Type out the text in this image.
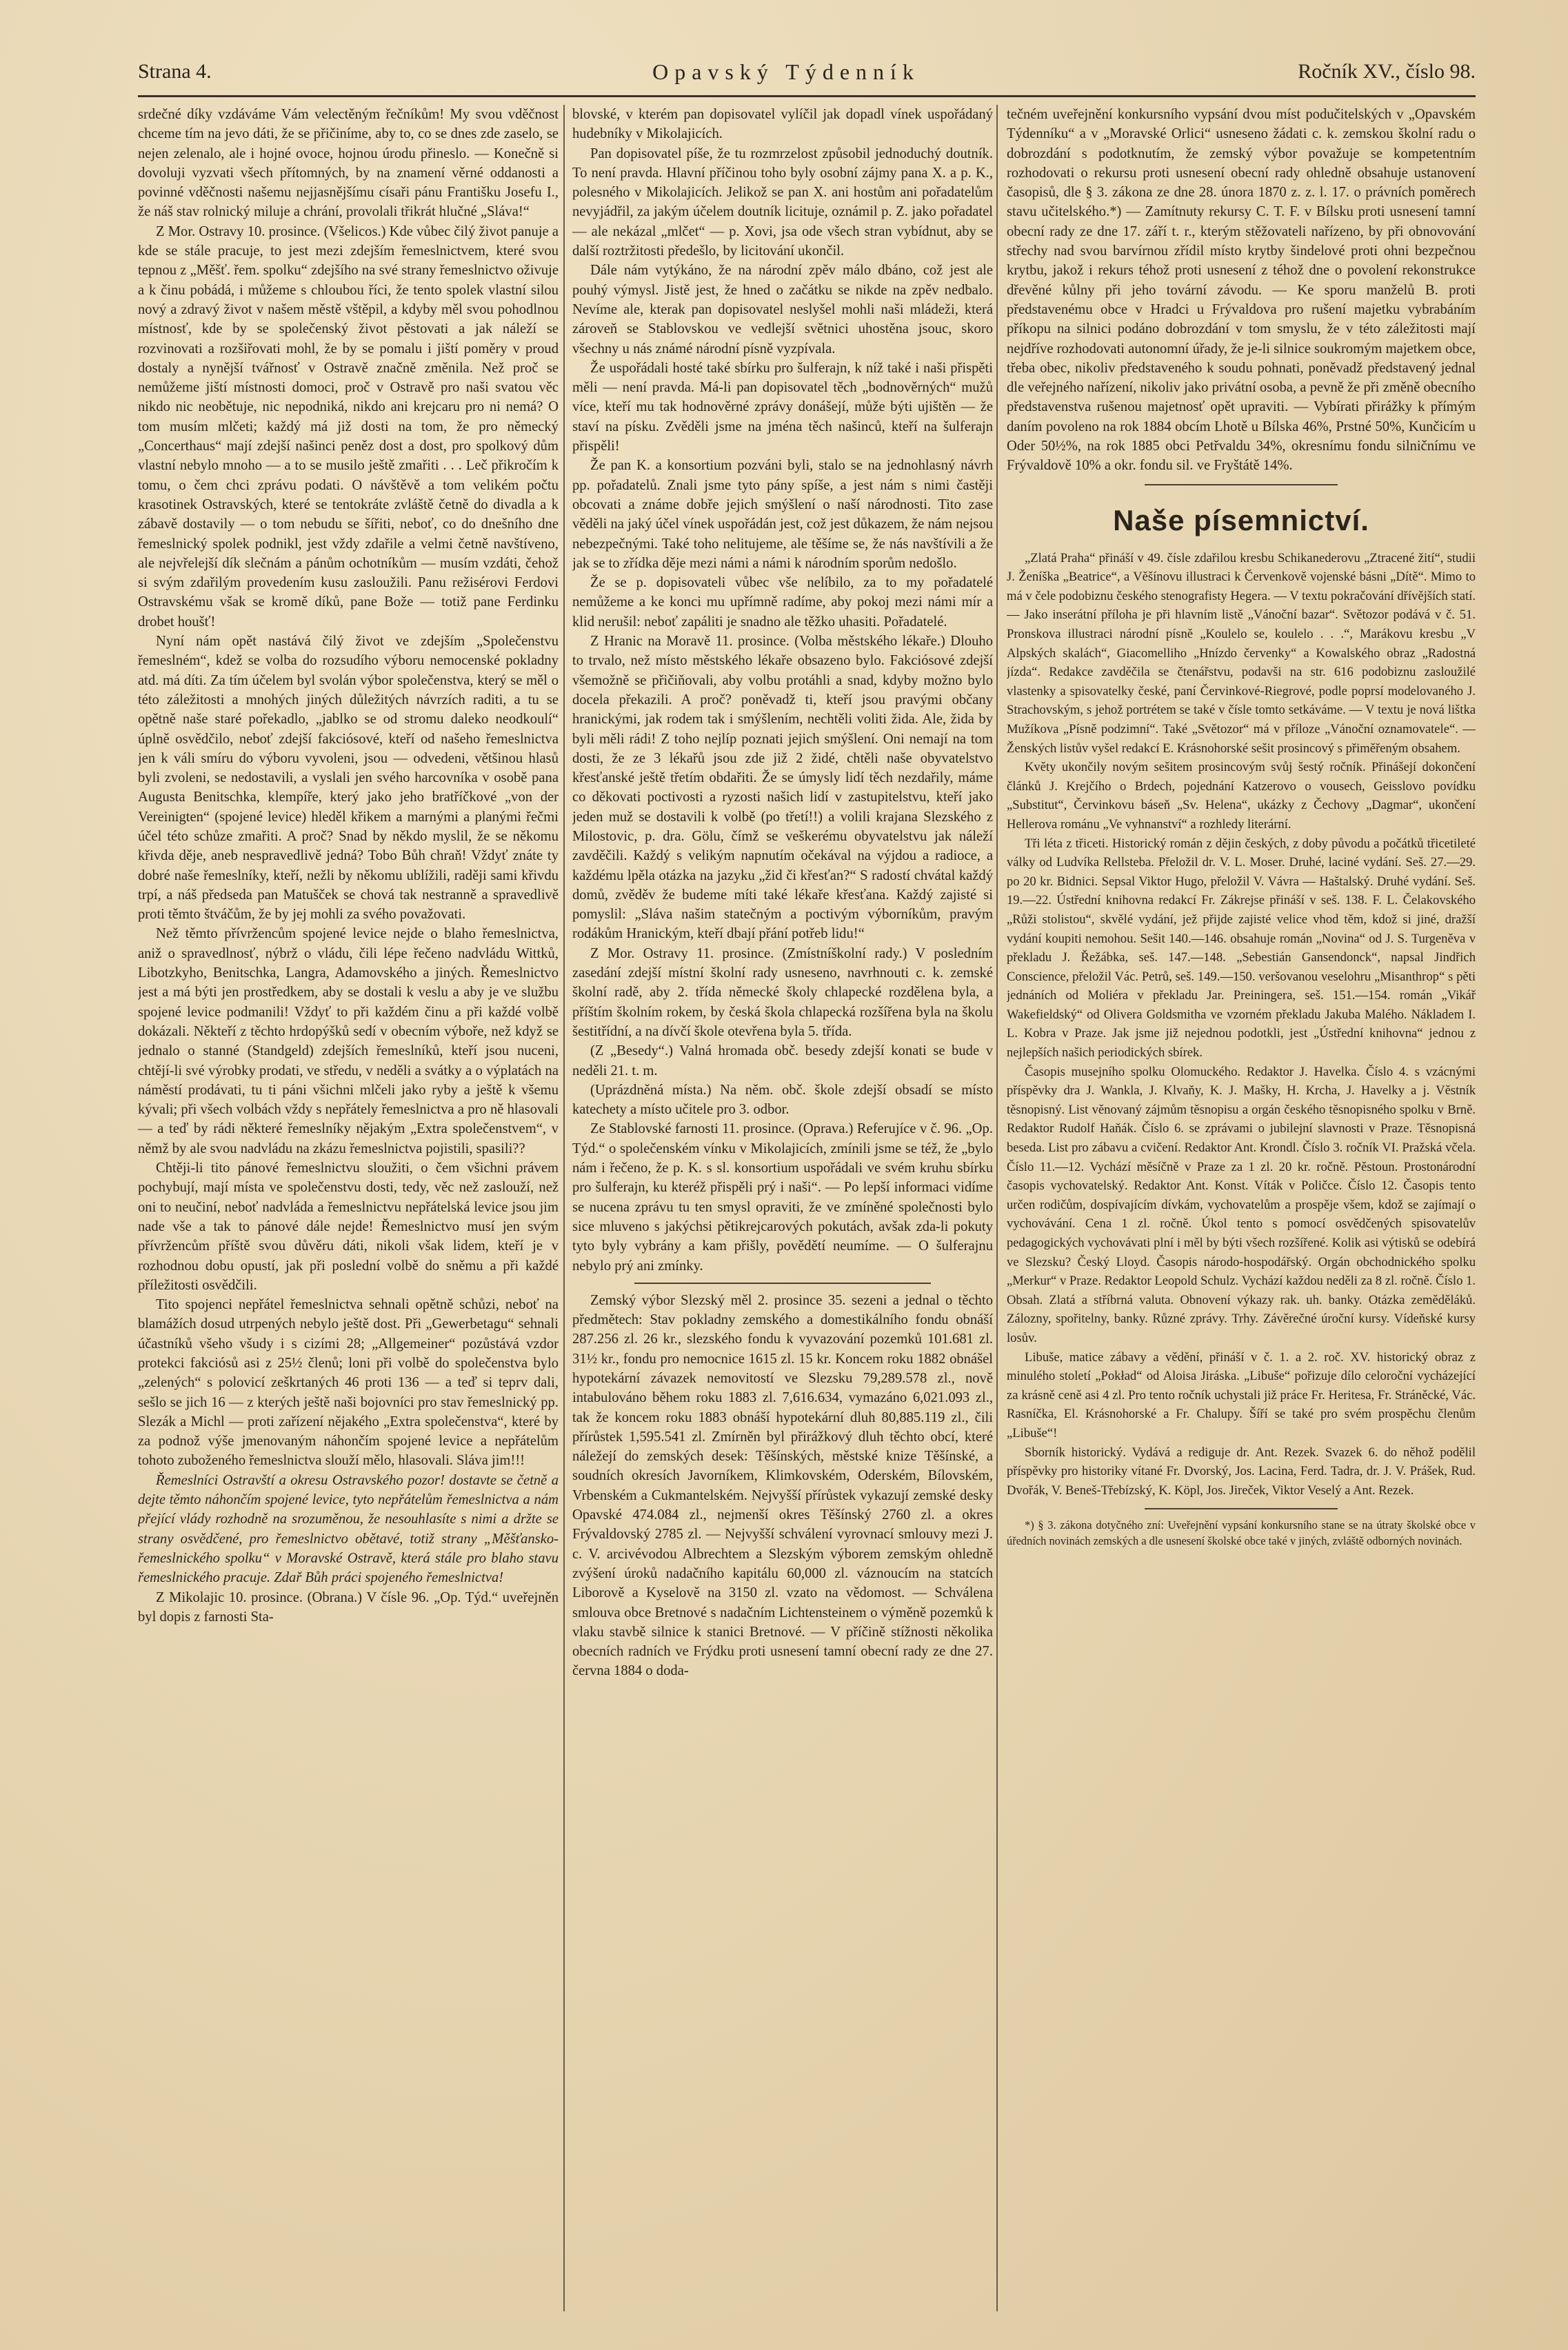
Strana 4.	Opavský Týdenník	Ročník XV., číslo 98.

srdečné díky vzdáváme Vám velectěným řečníkům! My svou vděčnost chceme tím na jevo dáti, že se přičiníme, aby to, co se dnes zde zaselo, se nejen zelenalo, ale i hojné ovoce, hojnou úrodu přineslo. — Konečně si dovoluji vyzvati všech přítomných, by na znamení věrné oddanosti a povinné vděčnosti našemu nejjasnějšímu císaři pánu Františku Josefu I., že náš stav rolnický miluje a chrání, provolali třikrát hlučné „Sláva!“

Z Mor. Ostravy 10. prosince. (Všelicos.) Kde vůbec čilý život panuje a kde se stále pracuje, to jest mezi zdejším řemeslnictvem, které svou tepnou z „Měšť. řem. spolku“ zdejšího na své strany řemeslnictvo oživuje a k činu pobádá, i můžeme s chloubou říci, že tento spolek vlastní silou nový a zdravý život v našem městě vštěpil, a kdyby měl svou pohodlnou místnosť, kde by se společenský život pěstovati a jak náleží se rozvinovati a rozšiřovati mohl, že by se pomalu i jiští poměry v proud dostaly a nynější tvářnosť v Ostravě značně změnila. Než proč se nemůžeme jiští místnosti domoci, proč v Ostravě pro naši svatou věc nikdo nic neobětuje, nic nepodniká, nikdo ani krejcaru pro ni nemá? O tom musím mlčeti; každý má již dosti na tom, že pro německý „Concerthaus“ mají zdejší našinci peněz dost a dost, pro spolkový dům vlastní nebylo mnoho — a to se musilo ještě zmařiti . . . Leč přikročím k tomu, o čem chci zprávu podati. O návštěvě a tom velikém počtu krasotinek Ostravských, které se tentokráte zvláště četně do divadla a k zábavě dostavily — o tom nebudu se šířiti, neboť, co do dnešního dne řemeslnický spolek podnikl, jest vždy zdařile a velmi četně navštíveno, ale nejvřelejší dík slečnám a pánům ochotníkům — musím vzdáti, čehož si svým zdařilým provedením kusu zasloužili. Panu režisérovi Ferdovi Ostravskému však se kromě díků, pane Bože — totiž pane Ferdinku drobet houšť!

Nyní nám opět nastává čilý život ve zdejším „Společenstvu řemeslném“, kdež se volba do rozsudího výboru nemocenské pokladny atd. má díti. Za tím účelem byl svolán výbor společenstva, který se měl o této záležitosti a mnohých jiných důležitých návrzích raditi, a tu se opětně naše staré pořekadlo, „jablko se od stromu daleko neodkoulí“ úplně osvědčilo, neboť zdejší fakciósové, kteří od našeho řemeslnictva jen k váli smíru do výboru vyvoleni, jsou — odvedeni, většinou hlasů byli zvoleni, se nedostavili, a vyslali jen svého harcovníka v osobě pana Augusta Benitschka, klempíře, který jako jeho bratříčkové „von der Vereinigten“ (spojené levice) hleděl křikem a marnými a planými řečmi účel této schůze zmařiti. A proč? Snad by někdo myslil, že se někomu křivda děje, aneb nespravedlivě jedná? Tobo Bůh chraň! Vždyť znáte ty dobré naše řemeslníky, kteří, nežli by někomu ublížili, raději sami křivdu trpí, a náš předseda pan Matušček se chová tak nestranně a spravedlivě proti těmto štváčům, že by jej mohli za svého považovati.

Než těmto přívržencům spojené levice nejde o blaho řemeslnictva, aniž o spravedlnosť, nýbrž o vládu, čili lépe řečeno nadvládu Wittků, Libotzkyho, Benitschka, Langra, Adamovského a jiných. Řemeslnictvo jest a má býti jen prostředkem, aby se dostali k veslu a aby je ve službu spojené levice podmanili! Vždyť to při každém činu a při každé volbě dokázali. Někteří z těchto hrdopýšků sedí v obecním výboře, než když se jednalo o stanné (Standgeld) zdejších řemeslníků, kteří jsou nuceni, chtějí-li své výrobky prodati, ve středu, v neděli a svátky a o výplatách na náměstí prodávati, tu ti páni všichni mlčeli jako ryby a ještě k všemu kývali; při všech volbách vždy s nepřátely řemeslnictva a pro ně hlasovali — a teď by rádi některé řemeslníky nějakým „Extra společenstvem“, v němž by ale svou nadvládu na zkázu řemeslnictva pojistili, spasili??

Chtěji-li tito pánové řemeslnictvu sloužiti, o čem všichni právem pochybují, mají místa ve společenstvu dosti, tedy, věc než zaslouží, než oni to neučiní, neboť nadvláda a řemeslnictvu nepřátelská levice jsou jim nade vše a tak to pánové dále nejde! Řemeslnictvo musí jen svým přívržencům příště svou důvěru dáti, nikoli však lidem, kteří je v rozhodnou dobu opustí, jak při poslední volbě do sněmu a při každé příležitosti osvědčili.

Tito spojenci nepřátel řemeslnictva sehnali opětně schůzi, neboť na blamážích dosud utrpených nebylo ještě dost. Při „Gewerbetagu“ sehnali účastníků všeho všudy i s cizími 28; „Allgemeiner“ pozůstává vzdor protekci fakciósů asi z 25½ členů; loni při volbě do společenstva bylo „zelených“ s polovicí zeškrtaných 46 proti 136 — a teď si teprv dali, sešlo se jich 16 — z kterých ještě naši bojovníci pro stav řemeslnický pp. Slezák a Michl — proti zařízení nějakého „Extra společenstva“, které by za podnož výše jmenovaným náhončím spojené levice a nepřátelům tohoto zuboženého řemeslnictva slouží mělo, hlasovali. Sláva jim!!!

Řemeslníci Ostravští a okresu Ostravského pozor! dostavte se četně a dejte těmto náhončím spojené levice, tyto nepřátelům řemeslnictva a nám přející vlády rozhodně na srozuměnou, že nesouhlasíte s nimi a držte se strany osvědčené, pro řemeslnictvo obětavé, totiž strany „Měšťansko-řemeslnického spolku“ v Moravské Ostravě, která stále pro blaho stavu řemeslnického pracuje. Zdař Bůh práci spojeného řemeslnictva!

Z Mikolajic 10. prosince. (Obrana.) V čísle 96. „Op. Týd.“ uveřejněn byl dopis z farnosti Sta-

blovské, v kterém pan dopisovatel vylíčil jak dopadl vínek uspořádaný hudebníky v Mikolajicích.

Pan dopisovatel píše, že tu rozmrzelost způsobil jednoduchý doutník. To není pravda. Hlavní příčinou toho byly osobní zájmy pana X. a p. K., polesného v Mikolajicích. Jelikož se pan X. ani hostům ani pořadatelům nevyjádřil, za jakým účelem doutník licituje, oznámil p. Z. jako pořadatel — ale nekázal „mlčet“ — p. Xovi, jsa ode všech stran vybídnut, aby se další roztržitosti předešlo, by licitování ukončil.

Dále nám vytýkáno, že na národní zpěv málo dbáno, což jest ale pouhý výmysl. Jistě jest, že hned o začátku se nikde na zpěv nedbalo. Nevíme ale, kterak pan dopisovatel neslyšel mohli naši mládeži, která zároveň se Stablovskou ve vedlejší světnici uhostěna jsouc, skoro všechny u nás známé národní písně vyzpívala.

Že uspořádali hosté také sbírku pro šulferajn, k níž také i naši přispěti měli — není pravda. Má-li pan dopisovatel těch „bodnověrných“ mužů více, kteří mu tak hodnověrné zprávy donášejí, může býti ujištěn — že staví na písku. Zvěděli jsme na jména těch našinců, kteří na šulferajn přispěli!

Že pan K. a konsortium pozváni byli, stalo se na jednohlasný návrh pp. pořadatelů. Znali jsme tyto pány spíše, a jest nám s nimi častěji obcovati a známe dobře jejich smýšlení o naší národnosti. Tito zase věděli na jaký účel vínek uspořádán jest, což jest důkazem, že nám nejsou nebezpečnými. Také toho nelitujeme, ale těšíme se, že nás navštívili a že jak se to zřídka děje mezi námi a námi k národním sporům nedošlo.

Že se p. dopisovateli vůbec vše nelíbilo, za to my pořadatelé nemůžeme a ke konci mu upřímně radíme, aby pokoj mezi námi mír a klid nerušil: neboť zapáliti je snadno ale těžko uhasiti. Pořadatelé.

Z Hranic na Moravě 11. prosince. (Volba městského lékaře.) Dlouho to trvalo, než místo městského lékaře obsazeno bylo. Fakciósové zdejší všemožně se přičiňovali, aby volbu protáhli a snad, kdyby možno bylo docela překazili. A proč? poněvadž ti, kteří jsou pravými občany hranickými, jak rodem tak i smýšlením, nechtěli voliti žida. Ale, žida by byli měli rádi! Z toho nejlíp poznati jejich smýšlení. Oni nemají na tom dosti, že ze 3 lékařů jsou zde již 2 židé, chtěli naše obyvatelstvo křesťanské ještě třetím obdařiti. Že se úmysly lidí těch nezdařily, máme co děkovati poctivosti a ryzosti našich lidí v zastupitelstvu, kteří jako jeden muž se dostavili k volbě (po třetí!!) a volili krajana Slezského z Milostovic, p. dra. Gölu, čímž se veškerému obyvatelstvu jak náleží zavděčili. Každý s velikým napnutím očekával na výjdou a radioce, a každému lpěla otázka na jazyku „žid či křesťan?“ S radostí chvátal každý domů, zvěděv že budeme míti také lékaře křesťana. Každý zajisté si pomyslil: „Sláva našim statečným a poctivým výborníkům, pravým rodákům Hranickým, kteří dbají přání potřeb lidu!“

Z Mor. Ostravy 11. prosince. (Zmístníškolní rady.) V posledním zasedání zdejší místní školní rady usneseno, navrhnouti c. k. zemské školní radě, aby 2. třída německé školy chlapecké rozdělena byla, a příštím školním rokem, by česká škola chlapecká rozšířena byla na školu šestitřídní, a na dívčí škole otevřena byla 5. třída.

(Z „Besedy“.) Valná hromada obč. besedy zdejší konati se bude v neděli 21. t. m.

(Uprázdněná místa.) Na něm. obč. škole zdejší obsadí se místo katechety a místo učitele pro 3. odbor.

Ze Stablovské farnosti 11. prosince. (Oprava.) Referujíce v č. 96. „Op. Týd.“ o společenském vínku v Mikolajicích, zmínili jsme se též, že „bylo nám i řečeno, že p. K. s sl. konsortium uspořádali ve svém kruhu sbírku pro šulferajn, ku kteréž přispěli prý i naši“. — Po lepší informaci vidíme se nucena zprávu tu ten smysl opraviti, že ve zmíněné společnosti bylo sice mluveno s jakýchsi pětikrejcarových pokutách, avšak zda-li pokuty tyto byly vybrány a kam přišly, povědětí neumíme. — O šulferajnu nebylo prý ani zmínky.

Zemský výbor Slezský měl 2. prosince 35. sezeni a jednal o těchto předmětech: Stav pokladny zemského a domestikálního fondu obnáší 287.256 zl. 26 kr., slezského fondu k vyvazování pozemků 101.681 zl. 31½ kr., fondu pro nemocnice 1615 zl. 15 kr. Koncem roku 1882 obnášel hypotekární závazek nemovitostí ve Slezsku 79,289.578 zl., nově intabulováno během roku 1883 zl. 7,616.634, vymazáno 6,021.093 zl., tak že koncem roku 1883 obnáší hypotekární dluh 80,885.119 zl., čili přírůstek 1,595.541 zl. Zmírněn byl přirážkový dluh těchto obcí, které náležejí do zemských desek: Těšínských, městské knize Těšínské, a soudních okresích Javorníkem, Klimkovském, Oderském, Bílovském, Vrbenském a Cukmantelském. Nejvyšší přírůstek vykazují zemské desky Opavské 474.084 zl., nejmenší okres Těšínský 2760 zl. a okres Frývaldovský 2785 zl. — Nejvyšší schválení vyrovnací smlouvy mezi J. c. V. arcivévodou Albrechtem a Slezským výborem zemským ohledně zvýšení úroků nadačního kapitálu 60,000 zl. váznoucím na statcích Liborově a Kyselově na 3150 zl. vzato na vědomost. — Schválena smlouva obce Bretnové s nadačním Lichtensteinem o výměně pozemků k vlaku stavbě silnice k stanici Bretnové. — V příčině stížnosti několika obecních radních ve Frýdku proti usnesení tamní obecní rady ze dne 27. června 1884 o doda-

tečném uveřejnění konkursního vypsání dvou míst podučitelských v „Opavském Týdenníku“ a v „Moravské Orlici“ usneseno žádati c. k. zemskou školní radu o dobrozdání s podotknutím, že zemský výbor považuje se kompetentním rozhodovati o rekursu proti usnesení obecní rady ohledně obsahuje ustanovení časopisů, dle § 3. zákona ze dne 28. února 1870 z. z. l. 17. o právních poměrech stavu učitelského.*) — Zamítnuty rekursy C. T. F. v Bílsku proti usnesení tamní obecní rady ze dne 17. září t. r., kterým stěžovateli nařízeno, by při obnovování střechy nad svou barvírnou zřídil místo krytby šindelové proti ohni bezpečnou krytbu, jakož i rekurs téhož proti usnesení z téhož dne o povolení rekonstrukce dřevěné kůlny při jeho tovární závodu. — Ke sporu manželů B. proti představenému obce v Hradci u Frývaldova pro rušení majetku vybrabáním příkopu na silnici podáno dobrozdání v tom smyslu, že v této záležitosti mají nejdříve rozhodovati autonomní úřady, že je-li silnice soukromým majetkem obce, třeba obec, nikoliv představeného k soudu pohnati, poněvadž představený jednal dle veřejného nařízení, nikoliv jako privátní osoba, a pevně že při změně obecního představenstva rušenou majetnosť opět upraviti. — Vybírati přirážky k přímým daním povoleno na rok 1884 obcím Lhotě u Bílska 46%, Prstné 50%, Kunčicím u Oder 50½%, na rok 1885 obci Petřvaldu 34%, okresnímu fondu silničnímu ve Frývaldově 10% a okr. fondu sil. ve Fryštátě 14%.

Naše písemnictví.

„Zlatá Praha“ přináší v 49. čísle zdařilou kresbu Schikanederovu „Ztracené žití“, studii J. Ženíška „Beatrice“, a Věšínovu illustraci k Červenkově vojenské básni „Dítě“. Mimo to má v čele podobiznu českého stenografisty Hegera. — V textu pokračování dřívějších statí. — Jako inserátní příloha je při hlavním listě „Vánoční bazar“. Světozor podává v č. 51. Pronskova illustraci národní písně „Koulelo se, koulelo . . .“, Marákovu kresbu „V Alpských skalách“, Giacomelliho „Hnízdo červenky“ a Kowalského obraz „Radostná jízda“. Redakce zavděčila se čtenářstvu, podavši na str. 616 podobiznu zasloužilé vlastenky a spisovatelky české, paní Červinkové-Riegrové, podle poprsí modelovaného J. Strachovským, s jehož portrétem se také v čísle tomto setkáváme. — V textu je nová lištka Mužíkova „Písně podzimní“. Také „Světozor“ má v příloze „Vánoční oznamovatele“. — Ženských listův vyšel redakcí E. Krásnohorské sešit prosincový s přiměřeným obsahem.

Květy ukončily novým sešitem prosincovým svůj šestý ročník. Přinášejí dokončení článků J. Krejčího o Brdech, pojednání Katzerovo o vousech, Geisslovo povídku „Substitut“, Červinkovu báseň „Sv. Helena“, ukázky z Čechovy „Dagmar“, ukončení Hellerova románu „Ve vyhnanství“ a rozhledy literární.

Tři léta z třiceti. Historický román z dějin českých, z doby původu a počátků třicetileté války od Ludvíka Rellsteba. Přeložil dr. V. L. Moser. Druhé, laciné vydání. Seš. 27.—29. po 20 kr. Bidnici. Sepsal Viktor Hugo, přeložil V. Vávra — Haštalský. Druhé vydání. Seš. 19.—22. Ústřední knihovna redakcí Fr. Zákrejse přináší v seš. 138. F. L. Čelakovského „Růži stolistou“, skvělé vydání, jež přijde zajisté velice vhod těm, kdož si jiné, dražší vydání koupiti nemohou. Sešit 140.—146. obsahuje román „Novina“ od J. S. Turgeněva v překladu J. Řežábka, seš. 147.—148. „Sebestián Gansendonck“, napsal Jindřich Conscience, přeložil Vác. Petrů, seš. 149.—150. veršovanou veselohru „Misanthrop“ s pěti jednáních od Moliéra v překladu Jar. Preiningera, seš. 151.—154. román „Vikář Wakefieldský“ od Olivera Goldsmitha ve vzorném překladu Jakuba Malého. Nákladem I. L. Kobra v Praze. Jak jsme již nejednou podotkli, jest „Ústřední knihovna“ jednou z nejlepších našich periodických sbírek.

Časopis musejního spolku Olomuckého. Redaktor J. Havelka. Číslo 4. s vzácnými příspěvky dra J. Wankla, J. Klvaňy, K. J. Mašky, H. Krcha, J. Havelky a j. Věstník těsnopisný. List věnovaný zájmům těsnopisu a orgán českého těsnopisného spolku v Brně. Redaktor Rudolf Haňák. Číslo 6. se zprávami o jubilejní slavnosti v Praze. Těsnopisná beseda. List pro zábavu a cvičení. Redaktor Ant. Krondl. Číslo 3. ročník VI. Pražská včela. Číslo 11.—12. Vychází měsíčně v Praze za 1 zl. 20 kr. ročně. Pěstoun. Prostonárodní časopis vychovatelský. Redaktor Ant. Konst. Víták v Poličce. Číslo 12. Časopis tento určen rodičům, dospívajícím dívkám, vychovatelům a prospěje všem, kdož se zajímají o vychovávání. Cena 1 zl. ročně. Úkol tento s pomocí osvědčených spisovatelův pedagogických vychovávati plní i měl by býti všech rozšířené. Kolik asi výtisků se odebírá ve Slezsku? Český Lloyd. Časopis národo-hospodářský. Orgán obchodnického spolku „Merkur“ v Praze. Redaktor Leopold Schulz. Vychází každou neděli za 8 zl. ročně. Číslo 1. Obsah. Zlatá a stříbrná valuta. Obnovení výkazy rak. uh. banky. Otázka zeměděláků. Zálozny, spořitelny, banky. Různé zprávy. Trhy. Závěrečné úroční kursy. Vídeňské kursy losův.

Libuše, matice zábavy a vědění, přináší v č. 1. a 2. roč. XV. historický obraz z minulého století „Pokład“ od Aloisa Jiráska. „Libuše“ pořizuje dílo celoroční vycházející za krásně ceně asi 4 zl. Pro tento ročník uchystali již práce Fr. Heritesa, Fr. Stráněcké, Vác. Rasníčka, El. Krásnohorské a Fr. Chalupy. Šíří se také pro svém prospěchu členům „Libuše“!

Sborník historický. Vydává a rediguje dr. Ant. Rezek. Svazek 6. do něhož podělil příspěvky pro historiky vítané Fr. Dvorský, Jos. Lacina, Ferd. Tadra, dr. J. V. Prášek, Rud. Dvořák, V. Beneš-Třebízský, K. Köpl, Jos. Jireček, Viktor Veselý a Ant. Rezek.

*) § 3. zákona dotyčného zní: Uveřejnění vypsání konkursního stane se na útraty školské obce v úředních novinách zemských a dle usnesení školské obce také v jiných, zvláště odborných novinách.
